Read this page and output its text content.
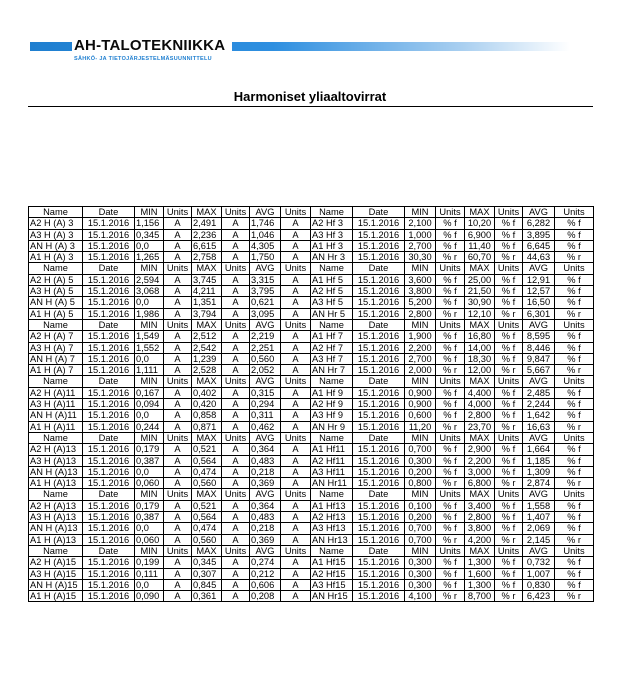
AH-TALOTEKNIIKKA
SÄHKÖ- JA TIETOJÄRJESTELMÄSUUNNITTELU
Harmoniset yliaaltovirrat
Name	Date	MIN	Units	MAX	Units	AVG	Units	Name	Date	MIN	Units	MAX	Units	AVG	Units
A2 H (A) 3	15.1.2016	1,156	A	2,491	A	1,746	A	A2 Hf 3	15.1.2016	2,100	% f	10,20	% f	6,282	% f
A3 H (A) 3	15.1.2016	0,345	A	2,236	A	1,046	A	A3 Hf 3	15.1.2016	1,000	% f	6,900	% f	3,895	% f
AN H (A) 3	15.1.2016	0,0	A	6,615	A	4,305	A	A1 Hf 3	15.1.2016	2,700	% f	11,40	% f	6,645	% f
A1 H (A) 3	15.1.2016	1,265	A	2,758	A	1,750	A	AN Hr 3	15.1.2016	30,30	% r	60,70	% r	44,63	% r
Name	Date	MIN	Units	MAX	Units	AVG	Units	Name	Date	MIN	Units	MAX	Units	AVG	Units
A2 H (A) 5	15.1.2016	2,594	A	3,745	A	3,315	A	A1 Hf 5	15.1.2016	3,600	% f	25,00	% f	12,91	% f
A3 H (A) 5	15.1.2016	3,068	A	4,211	A	3,795	A	A2 Hf 5	15.1.2016	3,800	% f	21,50	% f	12,57	% f
AN H (A) 5	15.1.2016	0,0	A	1,351	A	0,621	A	A3 Hf 5	15.1.2016	5,200	% f	30,90	% f	16,50	% f
A1 H (A) 5	15.1.2016	1,986	A	3,794	A	3,095	A	AN Hr 5	15.1.2016	2,800	% r	12,10	% r	6,301	% r
Name	Date	MIN	Units	MAX	Units	AVG	Units	Name	Date	MIN	Units	MAX	Units	AVG	Units
A2 H (A) 7	15.1.2016	1,549	A	2,512	A	2,219	A	A1 Hf 7	15.1.2016	1,900	% f	16,80	% f	8,595	% f
A3 H (A) 7	15.1.2016	1,552	A	2,542	A	2,251	A	A2 Hf 7	15.1.2016	2,200	% f	14,00	% f	8,446	% f
AN H (A) 7	15.1.2016	0,0	A	1,239	A	0,560	A	A3 Hf 7	15.1.2016	2,700	% f	18,30	% f	9,847	% f
A1 H (A) 7	15.1.2016	1,111	A	2,528	A	2,052	A	AN Hr 7	15.1.2016	2,000	% r	12,00	% r	5,667	% r
Name	Date	MIN	Units	MAX	Units	AVG	Units	Name	Date	MIN	Units	MAX	Units	AVG	Units
A2 H (A)11	15.1.2016	0,167	A	0,402	A	0,315	A	A1 Hf 9	15.1.2016	0,900	% f	4,400	% f	2,485	% f
A3 H (A)11	15.1.2016	0,094	A	0,420	A	0,294	A	A2 Hf 9	15.1.2016	0,900	% f	4,000	% f	2,244	% f
AN H (A)11	15.1.2016	0,0	A	0,858	A	0,311	A	A3 Hf 9	15.1.2016	0,600	% f	2,800	% f	1,642	% f
A1 H (A)11	15.1.2016	0,244	A	0,871	A	0,462	A	AN Hr 9	15.1.2016	11,20	% r	23,70	% r	16,63	% r
Name	Date	MIN	Units	MAX	Units	AVG	Units	Name	Date	MIN	Units	MAX	Units	AVG	Units
A2 H (A)13	15.1.2016	0,179	A	0,521	A	0,364	A	A1 Hf11	15.1.2016	0,700	% f	2,900	% f	1,664	% f
A3 H (A)13	15.1.2016	0,387	A	0,564	A	0,483	A	A2 Hf11	15.1.2016	0,300	% f	2,200	% f	1,185	% f
AN H (A)13	15.1.2016	0,0	A	0,474	A	0,218	A	A3 Hf11	15.1.2016	0,200	% f	3,000	% f	1,309	% f
A1 H (A)13	15.1.2016	0,060	A	0,560	A	0,369	A	AN Hr11	15.1.2016	0,800	% r	6,800	% r	2,874	% r
Name	Date	MIN	Units	MAX	Units	AVG	Units	Name	Date	MIN	Units	MAX	Units	AVG	Units
A2 H (A)13	15.1.2016	0,179	A	0,521	A	0,364	A	A1 Hf13	15.1.2016	0,100	% f	3,400	% f	1,558	% f
A3 H (A)13	15.1.2016	0,387	A	0,564	A	0,483	A	A2 Hf13	15.1.2016	0,200	% f	2,800	% f	1,407	% f
AN H (A)13	15.1.2016	0,0	A	0,474	A	0,218	A	A3 Hf13	15.1.2016	0,700	% f	3,800	% f	2,069	% f
A1 H (A)13	15.1.2016	0,060	A	0,560	A	0,369	A	AN Hr13	15.1.2016	0,700	% r	4,200	% r	2,145	% r
Name	Date	MIN	Units	MAX	Units	AVG	Units	Name	Date	MIN	Units	MAX	Units	AVG	Units
A2 H (A)15	15.1.2016	0,199	A	0,345	A	0,274	A	A1 Hf15	15.1.2016	0,300	% f	1,300	% f	0,732	% f
A3 H (A)15	15.1.2016	0,111	A	0,307	A	0,212	A	A2 Hf15	15.1.2016	0,300	% f	1,600	% f	1,007	% f
AN H (A)15	15.1.2016	0,0	A	0,845	A	0,606	A	A3 Hf15	15.1.2016	0,300	% f	1,300	% f	0,830	% f
A1 H (A)15	15.1.2016	0,090	A	0,361	A	0,208	A	AN Hr15	15.1.2016	4,100	% r	8,700	% r	6,423	% r
